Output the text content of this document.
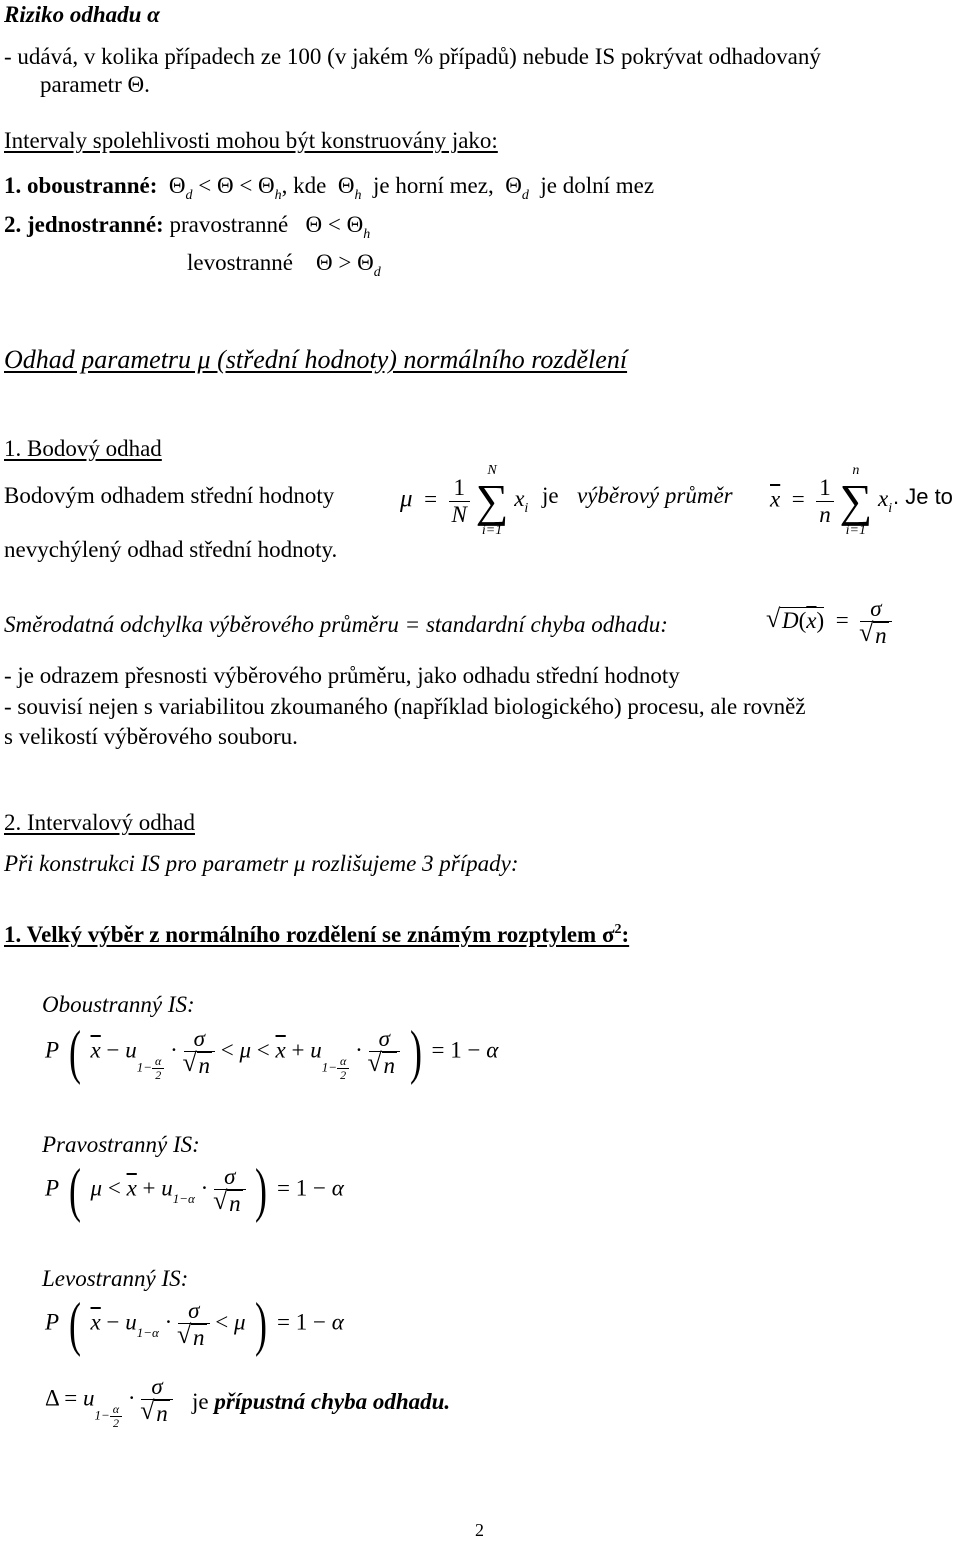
Riziko odhadu α
- udává, v kolika případech ze 100 (v jakém % případů) nebude IS pokrývat odhadovaný
parametr Θ.
Intervaly spolehlivosti mohou být konstruovány jako:
1. oboustranné:  $\Theta_d < \Theta < \Theta_h$, kde  $\Theta_h$ je horní mez,  $\Theta_d$ je dolní mez
2. jednostranné: pravostranné   $\Theta < \Theta_h$
levostranné    $\Theta > \Theta_d$
Odhad parametru μ (střední hodnoty) normálního rozdělení
1. Bodový odhad
Bodovým odhadem střední hodnoty	$\mu = \frac{1}{N}$

N
∑
i=1
$x_i$
je výběrový průměr $\overline{x} = \frac{1}{n}$

n
∑
i=1
$x_i$ . Je to
nevychýlený odhad střední hodnoty.
Směrodatná odchylka výběrového průměru = standardní chyba odhadu:	√ $D(\overline{x}) = \sigma$
√ n
- je odrazem přesnosti výběrového průměru, jako odhadu střední hodnoty
- souvisí nejen s variabilitou zkoumaného (například biologického) procesu, ale rovněž
s velikostí výběrového souboru.
2. Intervalový odhad
Při konstrukci IS pro parametr μ rozlišujeme 3 případy:
1. Velký výběr z normálního rozdělení se známým rozptylem $\sigma^2$:
Oboustranný IS:
P ( $\overline{x} - u1- \frac{\alpha}{2}$
· σ
√ $n < \mu < \overline{x} + u1- \frac{\alpha}{2}$
· σ
√ n ) = 1 − α
Pravostranný IS:
P ( $\mu < \overline{x} + u_{1-\alpha} \cdot \sigma$
√ n ) = 1 − α
Levostranný IS:
P ( $\overline{x} - u_{1-\alpha} \cdot \sigma$
√ n < μ ) = 1 − α
$\Delta = u1- \frac{\alpha}{2}$
· σ
√ n je přípustná chyba odhadu.
2
